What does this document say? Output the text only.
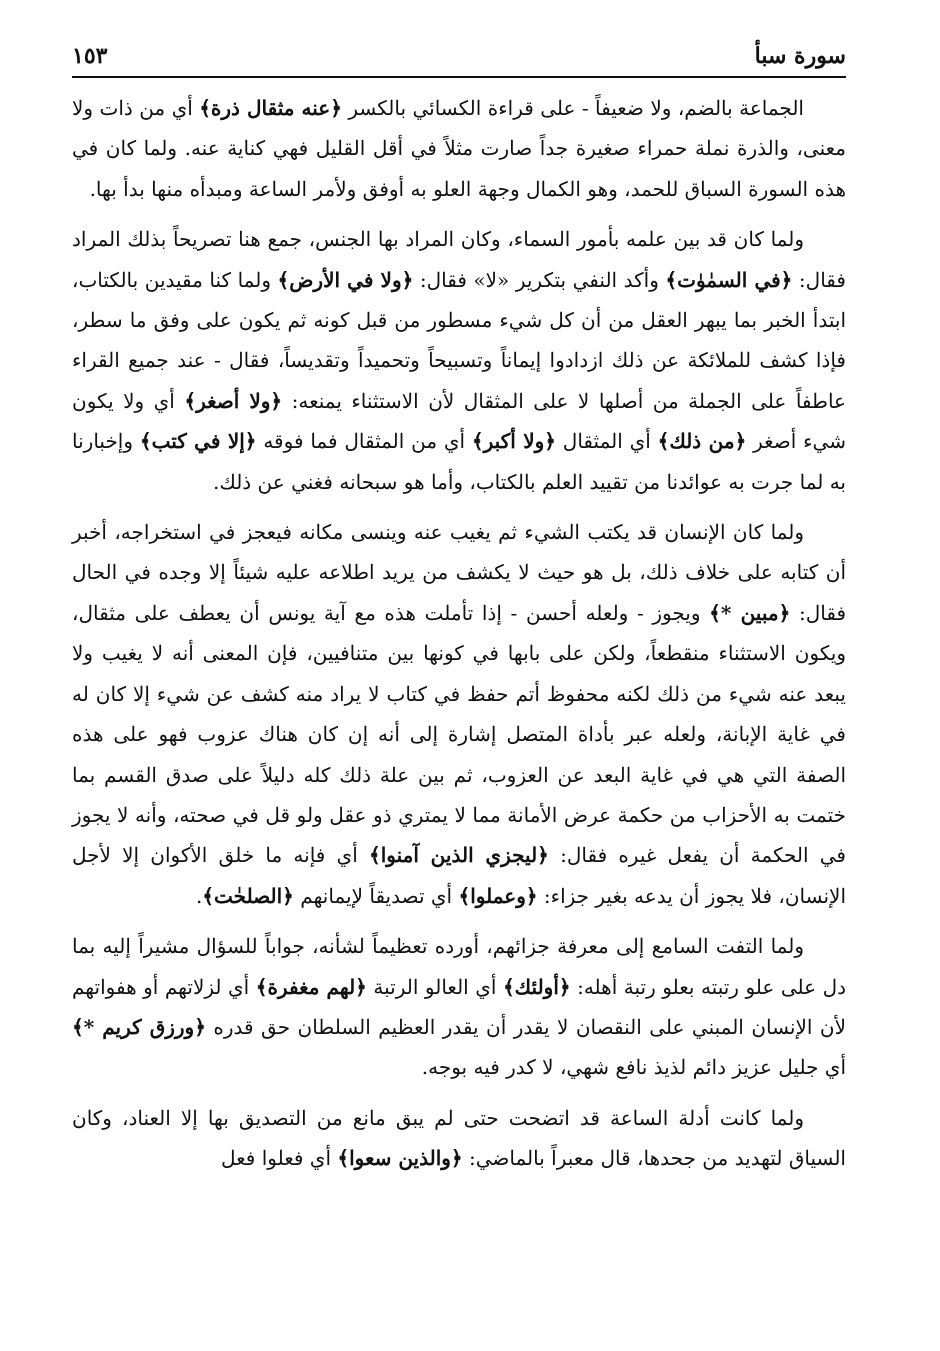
سورة سبأ
١٥٣

الجماعة بالضم، ولا ضعيفاً - على قراءة الكسائي بالكسر ﴿عنه مثقال ذرة﴾ أي من ذات ولا معنى، والذرة نملة حمراء صغيرة جداً صارت مثلاً في أقل القليل فهي كناية عنه. ولما كان في هذه السورة السباق للحمد، وهو الكمال وجهة العلو به أوفق ولأمر الساعة ومبدأه منها بدأ بها.

ولما كان قد بين علمه بأمور السماء، وكان المراد بها الجنس، جمع هنا تصريحاً بذلك المراد فقال: ﴿في السمٰوٰت﴾ وأكد النفي بتكرير «لا» فقال: ﴿ولا في الأرض﴾ ولما كنا مقيدين بالكتاب، ابتدأ الخبر بما يبهر العقل من أن كل شيء مسطور من قبل كونه ثم يكون على وفق ما سطر، فإذا كشف للملائكة عن ذلك ازدادوا إيماناً وتسبيحاً وتحميداً وتقديساً، فقال - عند جميع القراء عاطفاً على الجملة من أصلها لا على المثقال لأن الاستثناء يمنعه: ﴿ولا أصغر﴾ أي ولا يكون شيء أصغر ﴿من ذلك﴾ أي المثقال ﴿ولا أكبر﴾ أي من المثقال فما فوقه ﴿إلا في كتب﴾ وإخبارنا به لما جرت به عوائدنا من تقييد العلم بالكتاب، وأما هو سبحانه فغني عن ذلك.

ولما كان الإنسان قد يكتب الشيء ثم يغيب عنه وينسى مكانه فيعجز في استخراجه، أخبر أن كتابه على خلاف ذلك، بل هو حيث لا يكشف من يريد اطلاعه عليه شيئاً إلا وجده في الحال فقال: ﴿مبين *﴾ ويجوز - ولعله أحسن - إذا تأملت هذه مع آية يونس أن يعطف على مثقال، ويكون الاستثناء منقطعاً، ولكن على بابها في كونها بين متنافيين، فإن المعنى أنه لا يغيب ولا يبعد عنه شيء من ذلك لكنه محفوظ أتم حفظ في كتاب لا يراد منه كشف عن شيء إلا كان له في غاية الإبانة، ولعله عبر بأداة المتصل إشارة إلى أنه إن كان هناك عزوب فهو على هذه الصفة التي هي في غاية البعد عن العزوب، ثم بين علة ذلك كله دليلاً على صدق القسم بما ختمت به الأحزاب من حكمة عرض الأمانة مما لا يمتري ذو عقل ولو قل في صحته، وأنه لا يجوز في الحكمة أن يفعل غيره فقال: ﴿ليجزي الذين آمنوا﴾ أي فإنه ما خلق الأكوان إلا لأجل الإنسان، فلا يجوز أن يدعه بغير جزاء: ﴿وعملوا﴾ أي تصديقاً لإيمانهم ﴿الصلحٰت﴾.

ولما التفت السامع إلى معرفة جزائهم، أورده تعظيماً لشأنه، جواباً للسؤال مشيراً إليه بما دل على علو رتبته بعلو رتبة أهله: ﴿أولئك﴾ أي العالو الرتبة ﴿لهم مغفرة﴾ أي لزلاتهم أو هفواتهم لأن الإنسان المبني على النقصان لا يقدر أن يقدر العظيم السلطان حق قدره ﴿ورزق كريم *﴾ أي جليل عزيز دائم لذيذ نافع شهي، لا كدر فيه بوجه.

ولما كانت أدلة الساعة قد اتضحت حتى لم يبق مانع من التصديق بها إلا العناد، وكان السياق لتهديد من جحدها، قال معبراً بالماضي: ﴿والذين سعوا﴾ أي فعلوا فعل
